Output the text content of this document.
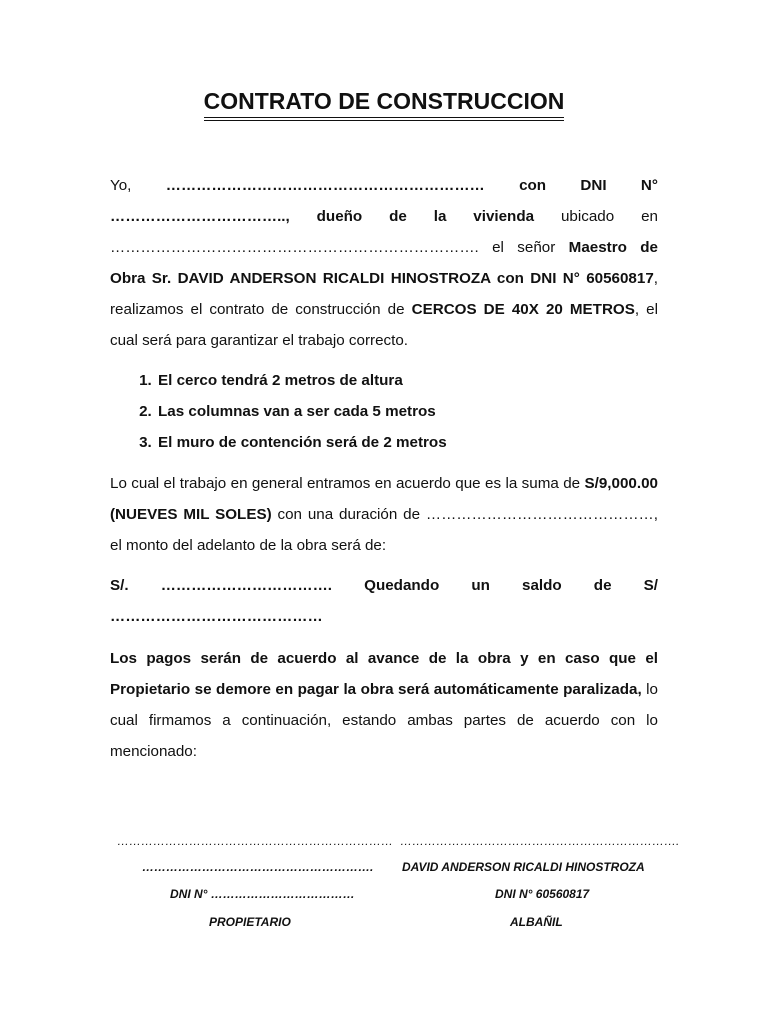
CONTRATO DE CONSTRUCCION

Yo, ……………………………………………………… con DNI N° …………………………….., dueño de la vivienda ubicado en ………………………………………………………………. el señor Maestro de Obra Sr. DAVID ANDERSON RICALDI HINOSTROZA con DNI N° 60560817, realizamos el contrato de construcción de CERCOS DE 40X 20 METROS, el cual será para garantizar el trabajo correcto.

1. El cerco tendrá 2 metros de altura
2. Las columnas van a ser cada 5 metros
3. El muro de contención será de 2 metros

Lo cual el trabajo en general entramos en acuerdo que es la suma de S/9,000.00 (NUEVES MIL SOLES) con una duración de ………………………………………, el monto del adelanto de la obra será de:

S/. ……………………………. Quedando un saldo de S/ ……………………………………

Los pagos serán de acuerdo al avance de la obra y en caso que el Propietario se demore en pagar la obra será automáticamente paralizada, lo cual firmamos a continuación, estando ambas partes de acuerdo con lo mencionado:

……………………………………………………………
………………………………………………….
DNI N° ………………………………
PROPIETARIO
…………………………………………………………….
DAVID ANDERSON RICALDI HINOSTROZA
DNI N° 60560817
ALBAÑIL
